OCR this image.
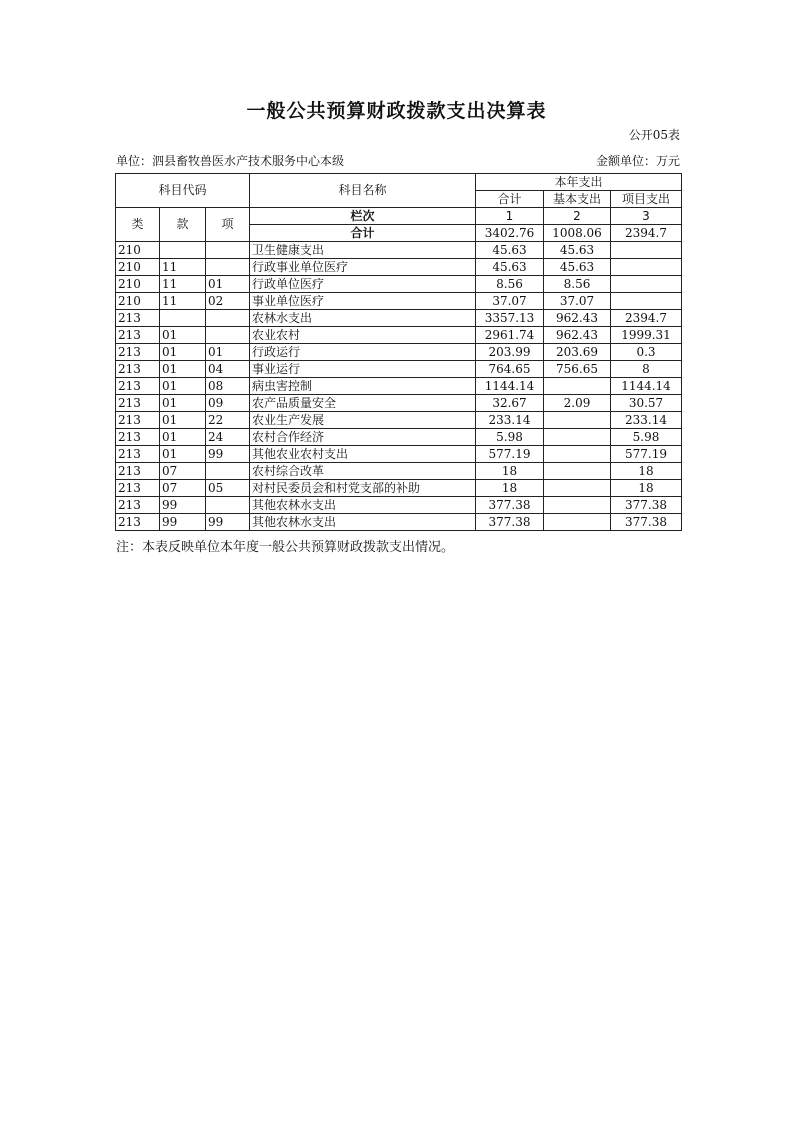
一般公共预算财政拨款支出决算表
公开05表
单位：泗县畜牧兽医水产技术服务中心本级	金额单位：万元
科目代码			科目名称	本年支出		
				合计	基本支出	项目支出
类	款	项	栏次	1	2	3
			合计	3402.76	1008.06	2394.7
210			卫生健康支出	45.63	45.63	
210	11		行政事业单位医疗	45.63	45.63	
210	11	01	行政单位医疗	8.56	8.56	
210	11	02	事业单位医疗	37.07	37.07	
213			农林水支出	3357.13	962.43	2394.7
213	01		农业农村	2961.74	962.43	1999.31
213	01	01	行政运行	203.99	203.69	0.3
213	01	04	事业运行	764.65	756.65	8
213	01	08	病虫害控制	1144.14		1144.14
213	01	09	农产品质量安全	32.67	2.09	30.57
213	01	22	农业生产发展	233.14		233.14
213	01	24	农村合作经济	5.98		5.98
213	01	99	其他农业农村支出	577.19		577.19
213	07		农村综合改革	18		18
213	07	05	对村民委员会和村党支部的补助	18		18
213	99		其他农林水支出	377.38		377.38
213	99	99	其他农林水支出	377.38		377.38
注：本表反映单位本年度一般公共预算财政拨款支出情况。
